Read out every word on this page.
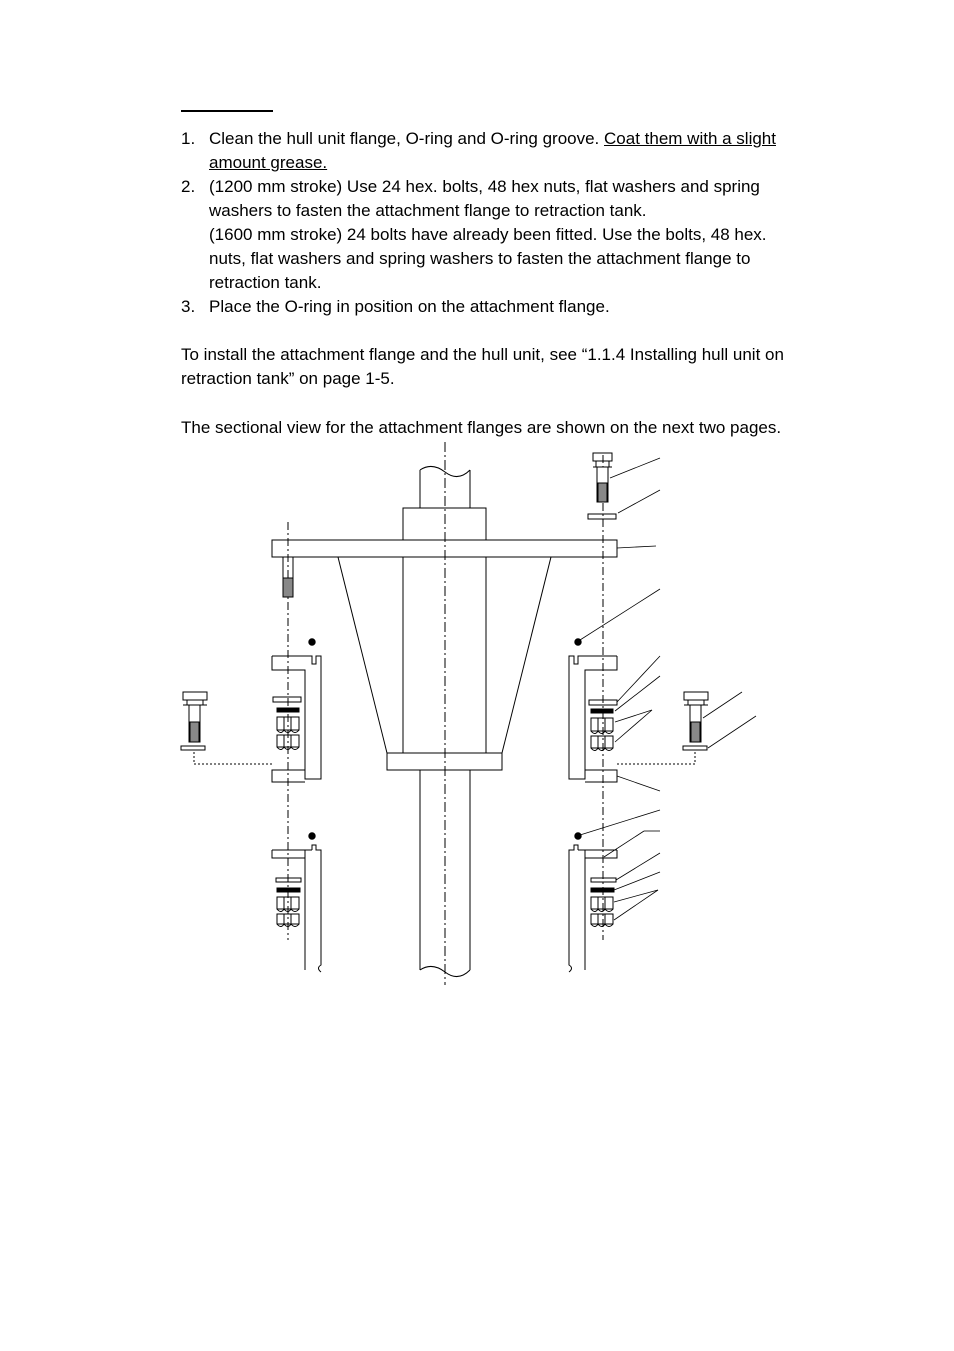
1. Clean the hull unit flange, O-ring and O-ring groove. Coat them with a slight
amount grease.
2. (1200 mm stroke) Use 24 hex. bolts, 48 hex nuts, flat washers and spring
washers to fasten the attachment flange to retraction tank.
(1600 mm stroke) 24 bolts have already been fitted. Use the bolts, 48 hex.
nuts, flat washers and spring washers to fasten the attachment flange to
retraction tank.
3. Place the O-ring in position on the attachment flange.

To install the attachment flange and the hull unit, see “1.1.4 Installing hull unit on
retraction tank” on page 1-5.

The sectional view for the attachment flanges are shown on the next two pages.
